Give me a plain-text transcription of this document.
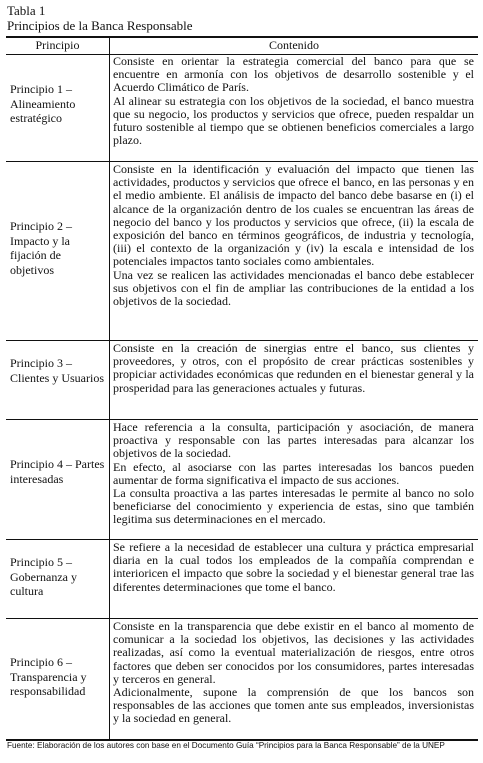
Tabla 1
Principios de la Banca Responsable
Principio	Contenido
Principio 1 – Alineamiento estratégico

Consiste en orientar la estrategia comercial del banco para que se encuentre en armonía con los objetivos de desarrollo sostenible y el Acuerdo Climático de París.

Al alinear su estrategia con los objetivos de la sociedad, el banco muestra que su negocio, los productos y servicios que ofrece, pueden respaldar un futuro sostenible al tiempo que se obtienen beneficios comerciales a largo plazo.

Principio 2 – Impacto y la fijación de objetivos

Consiste en la identificación y evaluación del impacto que tienen las actividades, productos y servicios que ofrece el banco, en las personas y en el medio ambiente. El análisis de impacto del banco debe basarse en (i) el alcance de la organización dentro de los cuales se encuentran las áreas de negocio del banco y los productos y servicios que ofrece, (ii) la escala de exposición del banco en términos geográficos, de industria y tecnología, (iii) el contexto de la organización y (iv) la escala e intensidad de los potenciales impactos tanto sociales como ambientales.

Una vez se realicen las actividades mencionadas el banco debe establecer sus objetivos con el fin de ampliar las contribuciones de la entidad a los objetivos de la sociedad.

Principio 3 – Clientes y Usuarios

Consiste en la creación de sinergias entre el banco, sus clientes y proveedores, y otros, con el propósito de crear prácticas sostenibles y propiciar actividades económicas que redunden en el bienestar general y la prosperidad para las generaciones actuales y futuras.

Principio 4 – Partes interesadas

Hace referencia a la consulta, participación y asociación, de manera proactiva y responsable con las partes interesadas para alcanzar los objetivos de la sociedad.

En efecto, al asociarse con las partes interesadas los bancos pueden aumentar de forma significativa el impacto de sus acciones.

La consulta proactiva a las partes interesadas le permite al banco no solo beneficiarse del conocimiento y experiencia de estas, sino que también legitima sus determinaciones en el mercado.

Principio 5 – Gobernanza y cultura

Se refiere a la necesidad de establecer una cultura y práctica empresarial diaria en la cual todos los empleados de la compañía comprendan e interioricen el impacto que sobre la sociedad y el bienestar general trae las diferentes determinaciones que tome el banco.

Principio 6 – Transparencia y responsabilidad

Consiste en la transparencia que debe existir en el banco al momento de comunicar a la sociedad los objetivos, las decisiones y las actividades realizadas, así como la eventual materialización de riesgos, entre otros factores que deben ser conocidos por los consumidores, partes interesadas y terceros en general.

Adicionalmente, supone la comprensión de que los bancos son responsables de las acciones que tomen ante sus empleados, inversionistas y la sociedad en general.

Fuente: Elaboración de los autores con base en el Documento Guía “Principios para la Banca Responsable” de la UNEP
